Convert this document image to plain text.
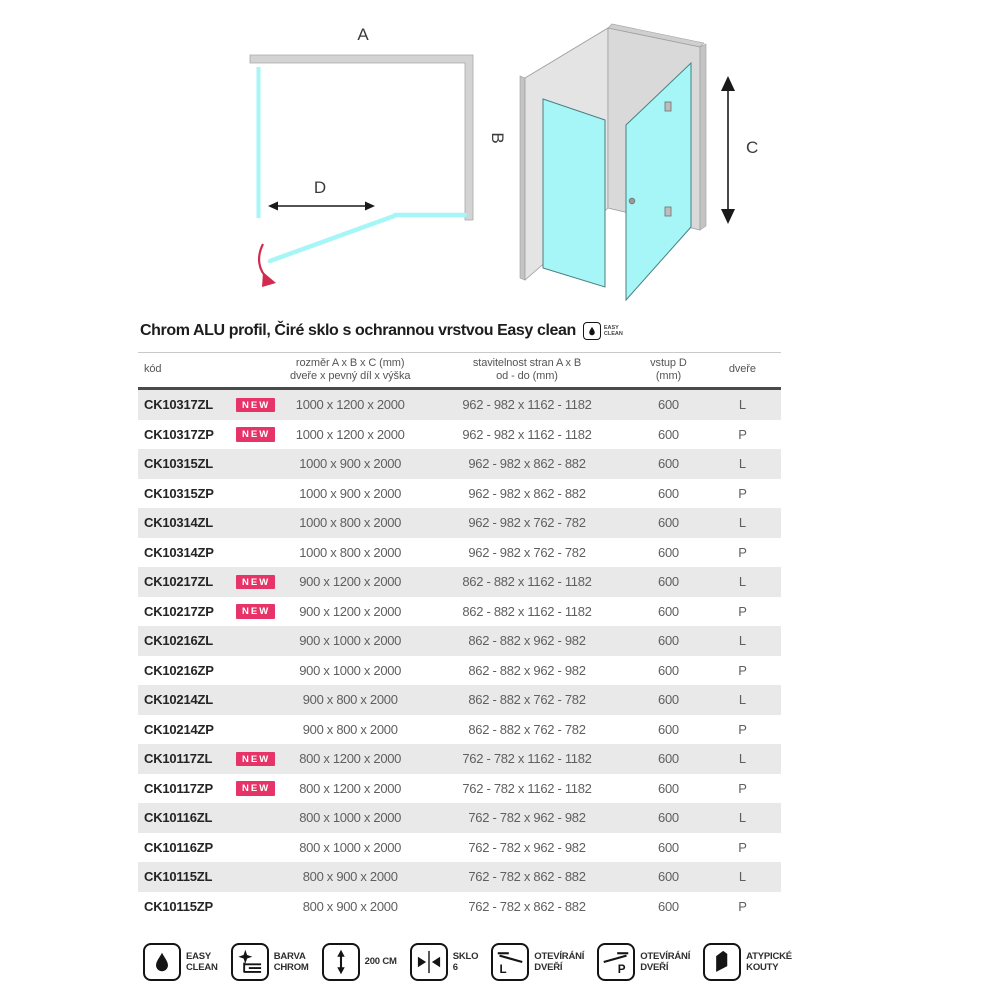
A
B
D
C
Chrom ALU profil, Čiré sklo s ochrannou vrstvou Easy clean	EASY
CLEAN
kód
rozměr A x B x C (mm)
dveře x pevný díl x výška
stavitelnost stran A x B
od - do (mm)
vstup D
(mm)
dveře
CK10317ZL	NEW	1000 x 1200 x 2000	962 - 982 x 1162 - 1182	600	L
CK10317ZP	NEW	1000 x 1200 x 2000	962 - 982 x 1162 - 1182	600	P
CK10315ZL	1000 x 900 x 2000	962 - 982 x 862 - 882	600	L
CK10315ZP	1000 x 900 x 2000	962 - 982 x 862 - 882	600	P
CK10314ZL	1000 x 800 x 2000	962 - 982 x 762 - 782	600	L
CK10314ZP	1000 x 800 x 2000	962 - 982 x 762 - 782	600	P
CK10217ZL	NEW	900 x 1200 x 2000	862 - 882 x 1162 - 1182	600	L
CK10217ZP	NEW	900 x 1200 x 2000	862 - 882 x 1162 - 1182	600	P
CK10216ZL	900 x 1000 x 2000	862 - 882 x 962 - 982	600	L
CK10216ZP	900 x 1000 x 2000	862 - 882 x 962 - 982	600	P
CK10214ZL	900 x 800 x 2000	862 - 882 x 762 - 782	600	L
CK10214ZP	900 x 800 x 2000	862 - 882 x 762 - 782	600	P
CK10117ZL	NEW	800 x 1200 x 2000	762 - 782 x 1162 - 1182	600	L
CK10117ZP	NEW	800 x 1200 x 2000	762 - 782 x 1162 - 1182	600	P
CK10116ZL	800 x 1000 x 2000	762 - 782 x 962 - 982	600	L
CK10116ZP	800 x 1000 x 2000	762 - 782 x 962 - 982	600	P
CK10115ZL	800 x 900 x 2000	762 - 782 x 862 - 882	600	L
CK10115ZP	800 x 900 x 2000	762 - 782 x 862 - 882	600	P
EASY
CLEAN
BARVA
CHROM
200 CM
SKLO
6	L
OTEVÍRÁNÍ
DVEŘÍ	P
OTEVÍRÁNÍ
DVEŘÍ
ATYPICKÉ
KOUTY
